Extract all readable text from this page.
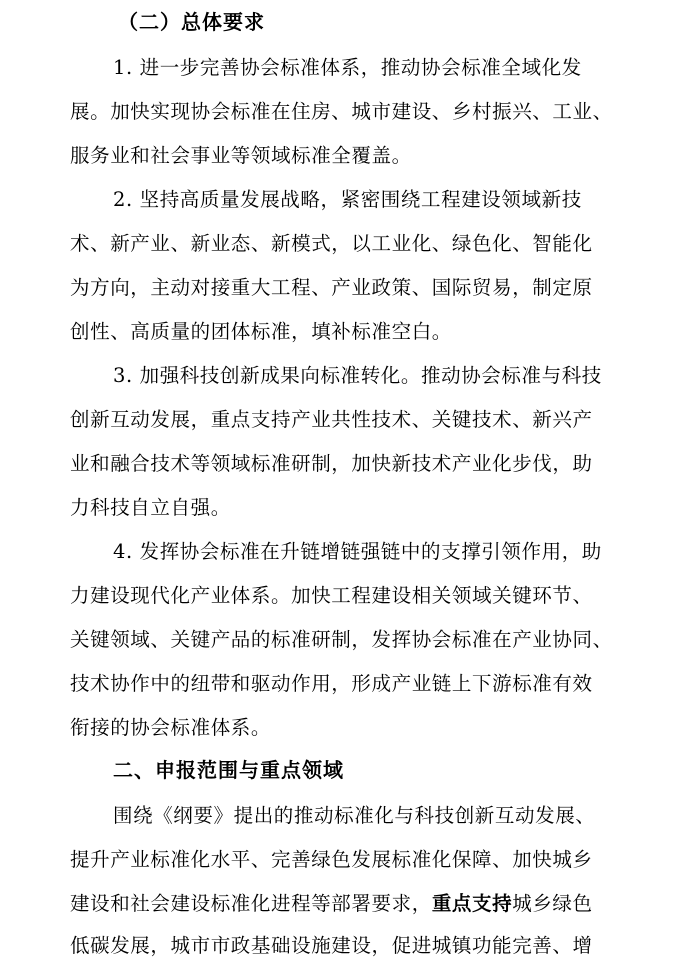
（二）总体要求
1. 进一步完善协会标准体系，推动协会标准全域化发
展。加快实现协会标准在住房、城市建设、乡村振兴、工业、
服务业和社会事业等领域标准全覆盖。
2. 坚持高质量发展战略，紧密围绕工程建设领域新技
术、新产业、新业态、新模式，以工业化、绿色化、智能化
为方向，主动对接重大工程、产业政策、国际贸易，制定原
创性、高质量的团体标准，填补标准空白。
3. 加强科技创新成果向标准转化。推动协会标准与科技
创新互动发展，重点支持产业共性技术、关键技术、新兴产
业和融合技术等领域标准研制，加快新技术产业化步伐，助
力科技自立自强。
4. 发挥协会标准在升链增链强链中的支撑引领作用，助
力建设现代化产业体系。加快工程建设相关领域关键环节、
关键领域、关键产品的标准研制，发挥协会标准在产业协同、
技术协作中的纽带和驱动作用，形成产业链上下游标准有效
衔接的协会标准体系。
二、申报范围与重点领域
围绕《纲要》提出的推动标准化与科技创新互动发展、
提升产业标准化水平、完善绿色发展标准化保障、加快城乡
建设和社会建设标准化进程等部署要求，重点支持城乡绿色
低碳发展，城市市政基础设施建设，促进城镇功能完善、增
